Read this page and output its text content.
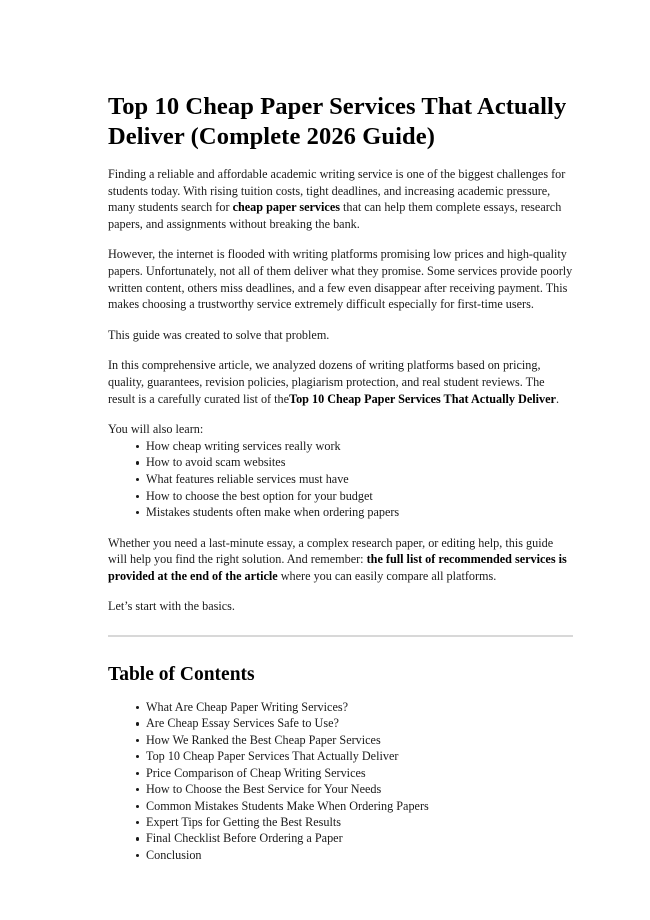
Top 10 Cheap Paper Services That Actually Deliver (Complete 2026 Guide)

Finding a reliable and affordable academic writing service is one of the biggest challenges for students today. With rising tuition costs, tight deadlines, and increasing academic pressure, many students search for cheap paper services that can help them complete essays, research papers, and assignments without breaking the bank.

However, the internet is flooded with writing platforms promising low prices and high-quality papers. Unfortunately, not all of them deliver what they promise. Some services provide poorly written content, others miss deadlines, and a few even disappear after receiving payment. This makes choosing a trustworthy service extremely difficult especially for first-time users.

This guide was created to solve that problem.

In this comprehensive article, we analyzed dozens of writing platforms based on pricing, quality, guarantees, revision policies, plagiarism protection, and real student reviews. The result is a carefully curated list of theTop 10 Cheap Paper Services That Actually Deliver.

You will also learn:

How cheap writing services really work
How to avoid scam websites
What features reliable services must have
How to choose the best option for your budget
Mistakes students often make when ordering papers

Whether you need a last-minute essay, a complex research paper, or editing help, this guide will help you find the right solution. And remember: the full list of recommended services is provided at the end of the article where you can easily compare all platforms.

Let’s start with the basics.

Table of Contents
What Are Cheap Paper Writing Services?
Are Cheap Essay Services Safe to Use?
How We Ranked the Best Cheap Paper Services
Top 10 Cheap Paper Services That Actually Deliver
Price Comparison of Cheap Writing Services
How to Choose the Best Service for Your Needs
Common Mistakes Students Make When Ordering Papers
Expert Tips for Getting the Best Results
Final Checklist Before Ordering a Paper
Conclusion
